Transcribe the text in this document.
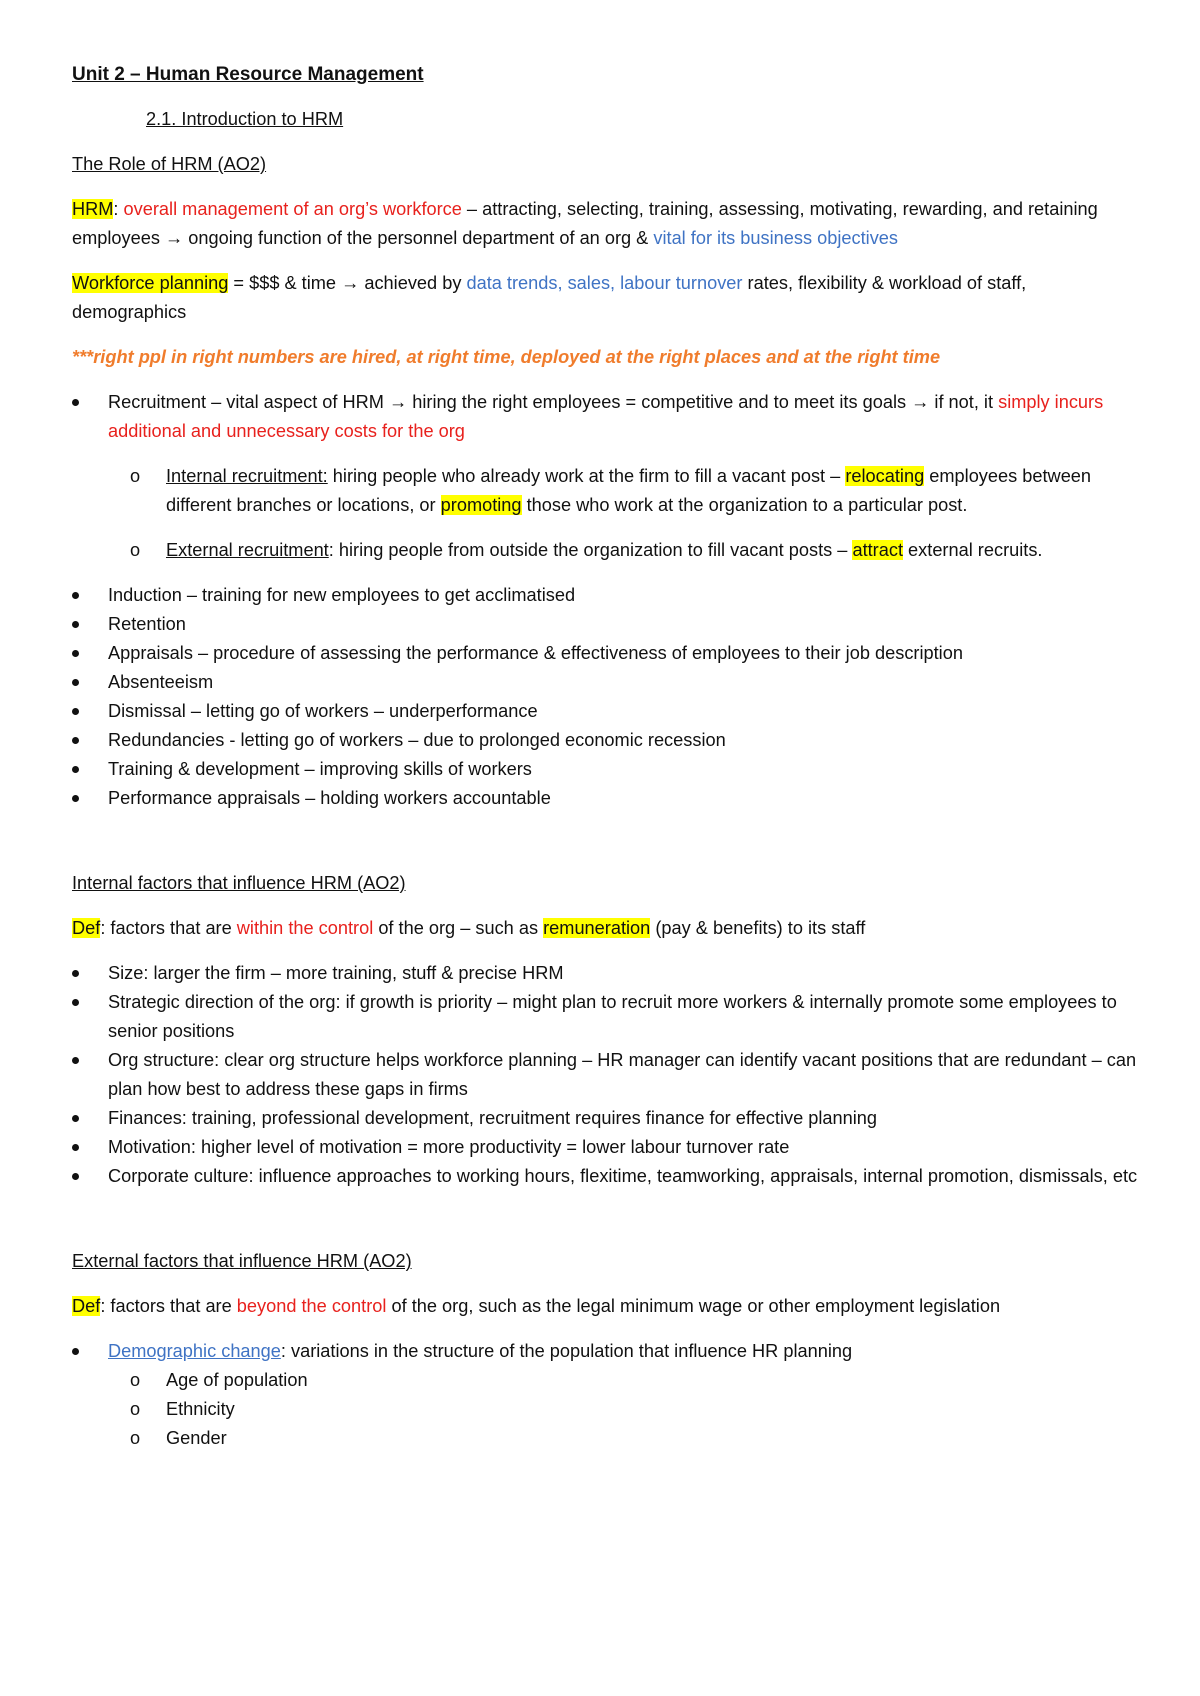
Unit 2 – Human Resource Management

2.1. Introduction to HRM

The Role of HRM (AO2)

HRM: overall management of an org’s workforce – attracting, selecting, training, assessing, motivating, rewarding, and retaining employees → ongoing function of the personnel department of an org & vital for its business objectives

Workforce planning = $$$ & time → achieved by data trends, sales, labour turnover rates, flexibility & workload of staff, demographics

***right ppl in right numbers are hired, at right time, deployed at the right places and at the right time

Recruitment – vital aspect of HRM → hiring the right employees = competitive and to meet its goals → if not, it simply incurs additional and unnecessary costs for the org
o Internal recruitment: hiring people who already work at the firm to fill a vacant post – relocating employees between different branches or locations, or promoting those who work at the organization to a particular post.
o External recruitment: hiring people from outside the organization to fill vacant posts – attract external recruits.
Induction – training for new employees to get acclimatised
Retention
Appraisals – procedure of assessing the performance & effectiveness of employees to their job description
Absenteeism
Dismissal – letting go of workers – underperformance
Redundancies - letting go of workers – due to prolonged economic recession
Training & development – improving skills of workers
Performance appraisals – holding workers accountable

Internal factors that influence HRM (AO2)

Def: factors that are within the control of the org – such as remuneration (pay & benefits) to its staff

Size: larger the firm – more training, stuff & precise HRM
Strategic direction of the org: if growth is priority – might plan to recruit more workers & internally promote some employees to senior positions
Org structure: clear org structure helps workforce planning – HR manager can identify vacant positions that are redundant – can plan how best to address these gaps in firms
Finances: training, professional development, recruitment requires finance for effective planning
Motivation: higher level of motivation = more productivity = lower labour turnover rate
Corporate culture: influence approaches to working hours, flexitime, teamworking, appraisals, internal promotion, dismissals, etc

External factors that influence HRM (AO2)

Def: factors that are beyond the control of the org, such as the legal minimum wage or other employment legislation

Demographic change: variations in the structure of the population that influence HR planning
o Age of population
o Ethnicity
o Gender
